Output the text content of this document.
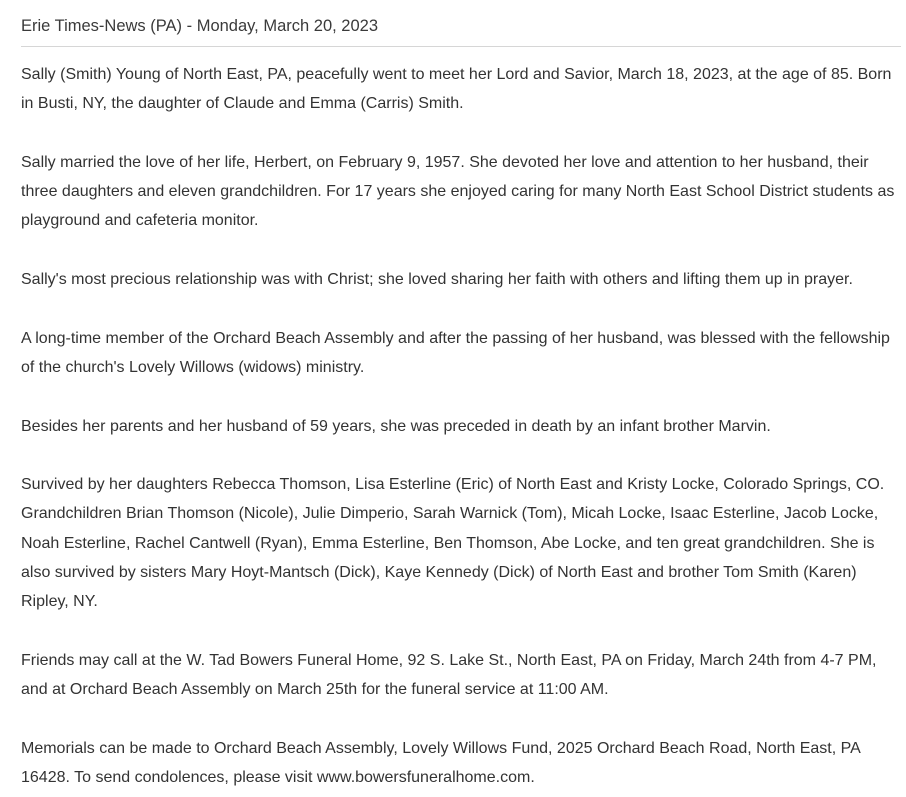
Erie Times-News (PA) - Monday, March 20, 2023

Sally (Smith) Young of North East, PA, peacefully went to meet her Lord and Savior, March 18, 2023, at the age of 85. Born in Busti, NY, the daughter of Claude and Emma (Carris) Smith.

Sally married the love of her life, Herbert, on February 9, 1957. She devoted her love and attention to her husband, their three daughters and eleven grandchildren. For 17 years she enjoyed caring for many North East School District students as playground and cafeteria monitor.

Sally's most precious relationship was with Christ; she loved sharing her faith with others and lifting them up in prayer.

A long-time member of the Orchard Beach Assembly and after the passing of her husband, was blessed with the fellowship of the church's Lovely Willows (widows) ministry.

Besides her parents and her husband of 59 years, she was preceded in death by an infant brother Marvin.

Survived by her daughters Rebecca Thomson, Lisa Esterline (Eric) of North East and Kristy Locke, Colorado Springs, CO. Grandchildren Brian Thomson (Nicole), Julie Dimperio, Sarah Warnick (Tom), Micah Locke, Isaac Esterline, Jacob Locke, Noah Esterline, Rachel Cantwell (Ryan), Emma Esterline, Ben Thomson, Abe Locke, and ten great grandchildren. She is also survived by sisters Mary Hoyt-Mantsch (Dick), Kaye Kennedy (Dick) of North East and brother Tom Smith (Karen) Ripley, NY.

Friends may call at the W. Tad Bowers Funeral Home, 92 S. Lake St., North East, PA on Friday, March 24th from 4-7 PM, and at Orchard Beach Assembly on March 25th for the funeral service at 11:00 AM.

Memorials can be made to Orchard Beach Assembly, Lovely Willows Fund, 2025 Orchard Beach Road, North East, PA 16428. To send condolences, please visit www.bowersfuneralhome.com.
